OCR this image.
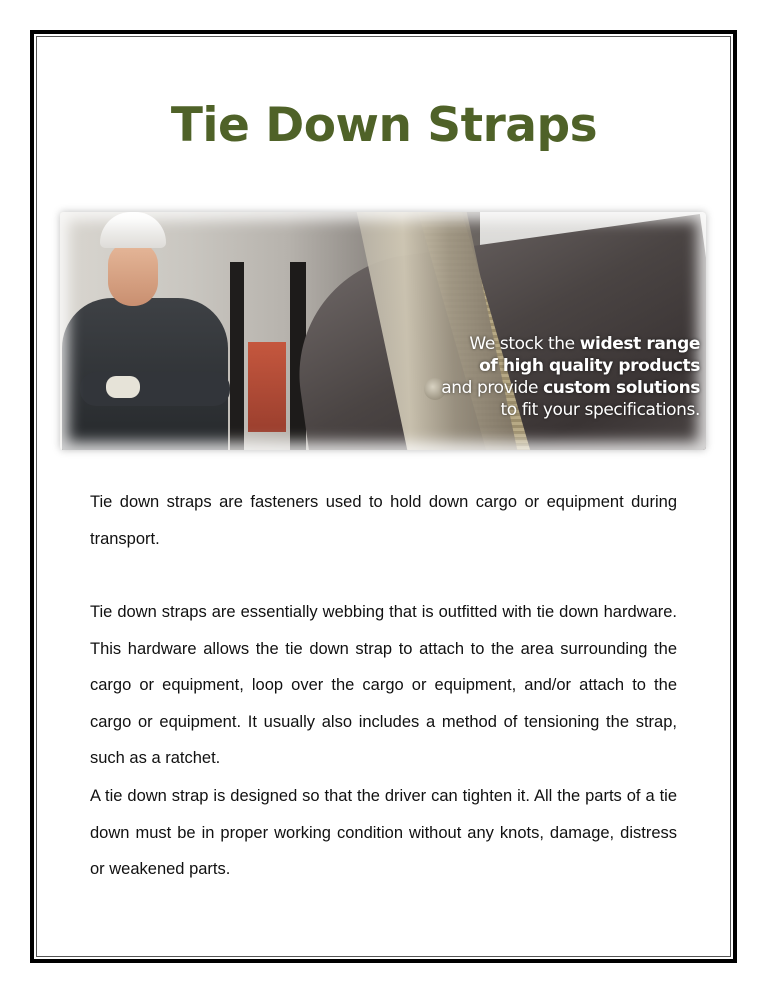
Tie Down Straps
We stock the widest range
of high quality products
and provide custom solutions
to fit your specifications.

Tie down straps are fasteners used to hold down cargo or equipment during transport.

Tie down straps are essentially webbing that is outfitted with tie down hardware. This hardware allows the tie down strap to attach to the area surrounding the cargo or equipment, loop over the cargo or equipment, and/or attach to the cargo or equipment. It usually also includes a method of tensioning the strap, such as a ratchet.

A tie down strap is designed so that the driver can tighten it. All the parts of a tie down must be in proper working condition without any knots, damage, distress or weakened parts.
